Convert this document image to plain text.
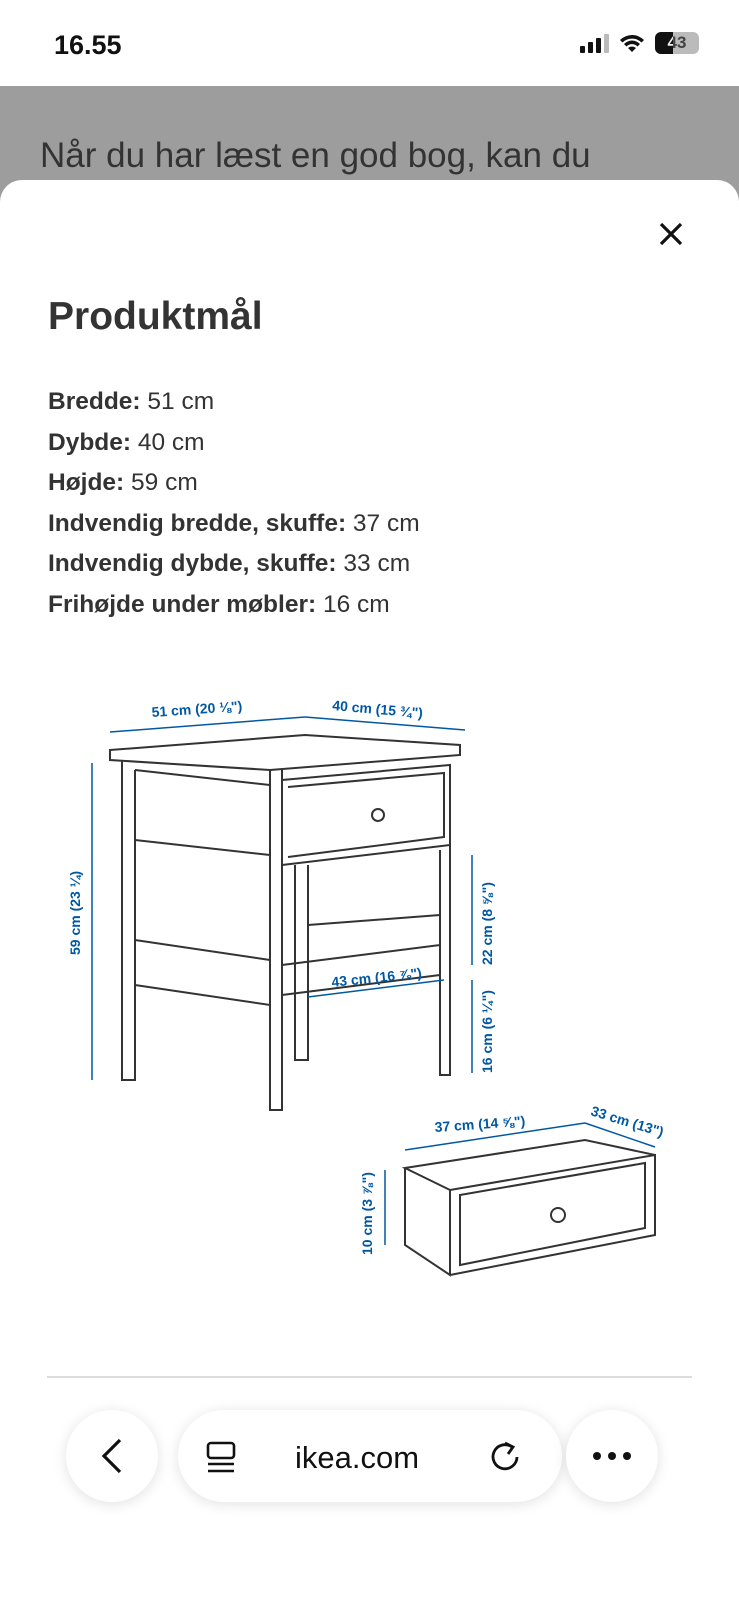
16.55	43
Når du har læst en god bog, kan du
Produktmål
Bredde: 51 cm
Dybde: 40 cm
Højde: 59 cm
Indvendig bredde, skuffe: 37 cm
Indvendig dybde, skuffe: 33 cm
Frihøjde under møbler: 16 cm
51 cm (20 ⅛")	40 cm (15 ¾")
59 cm (23 ¼)	22 cm (8 ⅝")
43 cm (16 ⅞")
16 cm (6 ¼")
37 cm (14 ⅝")	33 cm (13")
10 cm (3 ⅞")
ikea.com
